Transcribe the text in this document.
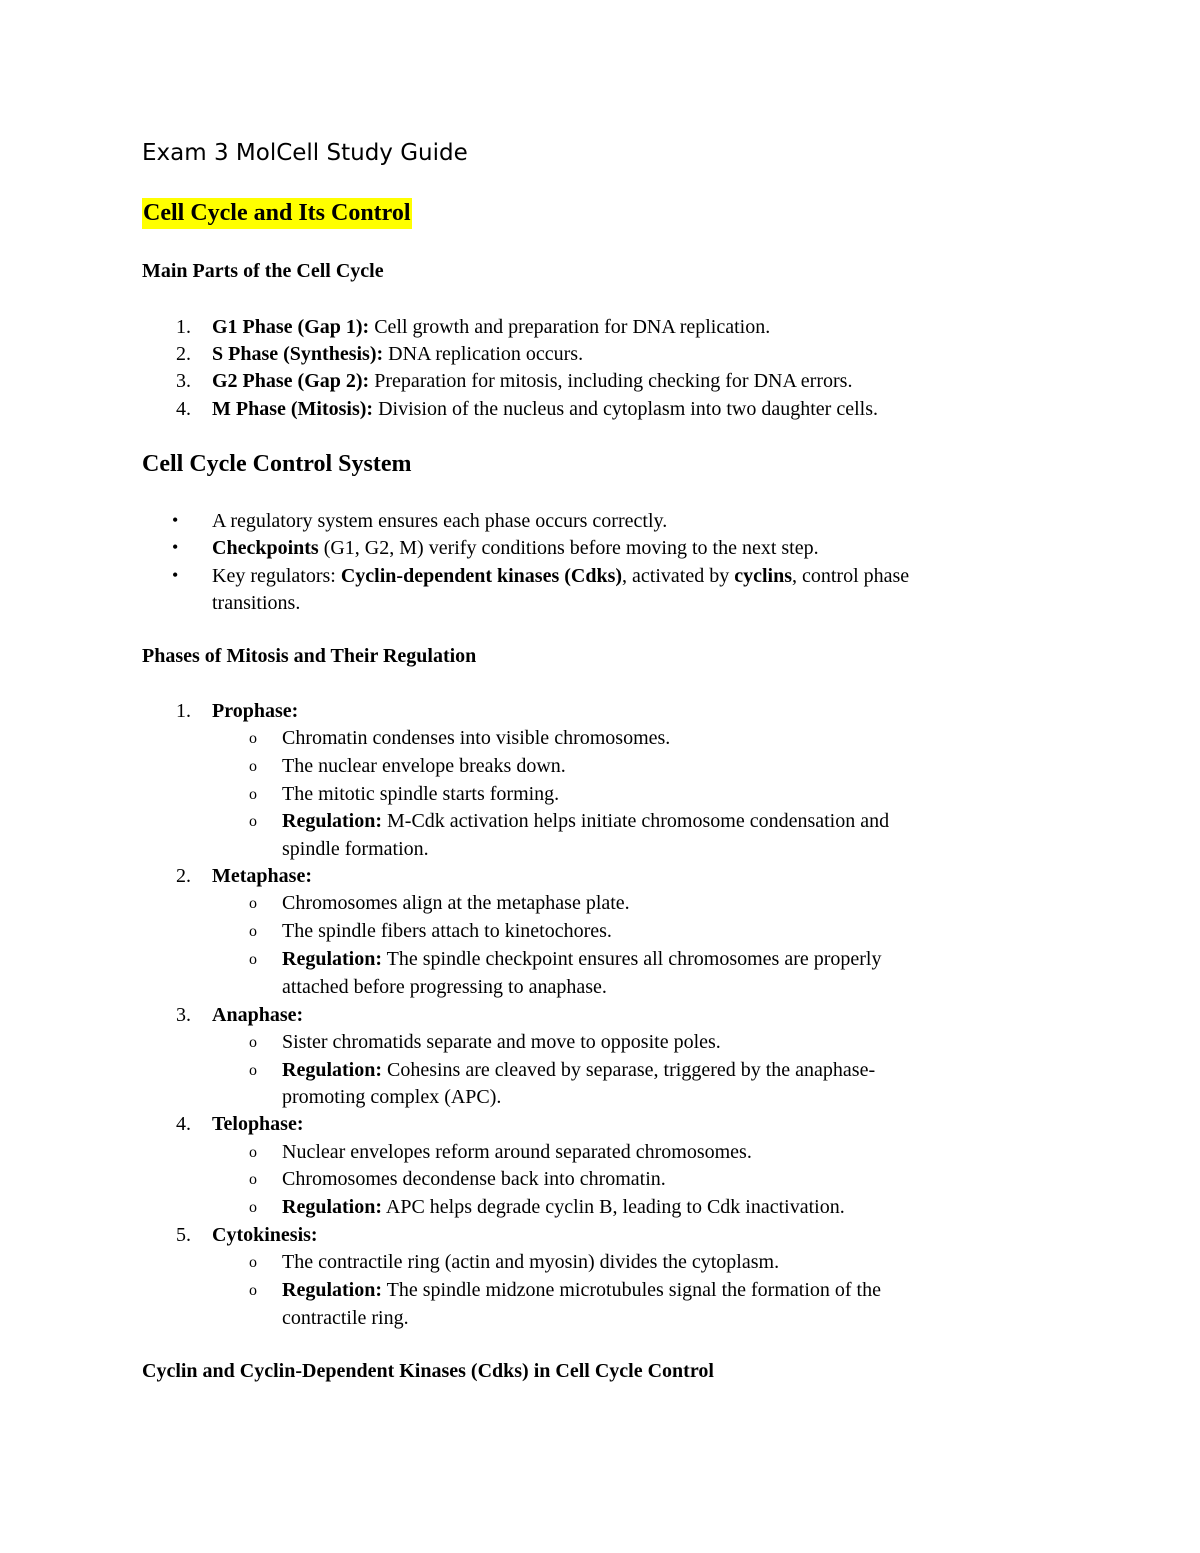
Exam 3 MolCell Study Guide
Cell Cycle and Its Control
Main Parts of the Cell Cycle
1. G1 Phase (Gap 1): Cell growth and preparation for DNA replication.
2. S Phase (Synthesis): DNA replication occurs.
3. G2 Phase (Gap 2): Preparation for mitosis, including checking for DNA errors.
4. M Phase (Mitosis): Division of the nucleus and cytoplasm into two daughter cells.
Cell Cycle Control System
• A regulatory system ensures each phase occurs correctly.
• Checkpoints (G1, G2, M) verify conditions before moving to the next step.
• Key regulators: Cyclin-dependent kinases (Cdks), activated by cyclins, control phase
transitions.
Phases of Mitosis and Their Regulation
1. Prophase:
o Chromatin condenses into visible chromosomes.
o The nuclear envelope breaks down.
o The mitotic spindle starts forming.
o Regulation: M-Cdk activation helps initiate chromosome condensation and
spindle formation.
2. Metaphase:
o Chromosomes align at the metaphase plate.
o The spindle fibers attach to kinetochores.
o Regulation: The spindle checkpoint ensures all chromosomes are properly
attached before progressing to anaphase.
3. Anaphase:
o Sister chromatids separate and move to opposite poles.
o Regulation: Cohesins are cleaved by separase, triggered by the anaphase-
promoting complex (APC).
4. Telophase:
o Nuclear envelopes reform around separated chromosomes.
o Chromosomes decondense back into chromatin.
o Regulation: APC helps degrade cyclin B, leading to Cdk inactivation.
5. Cytokinesis:
o The contractile ring (actin and myosin) divides the cytoplasm.
o Regulation: The spindle midzone microtubules signal the formation of the
contractile ring.
Cyclin and Cyclin-Dependent Kinases (Cdks) in Cell Cycle Control
